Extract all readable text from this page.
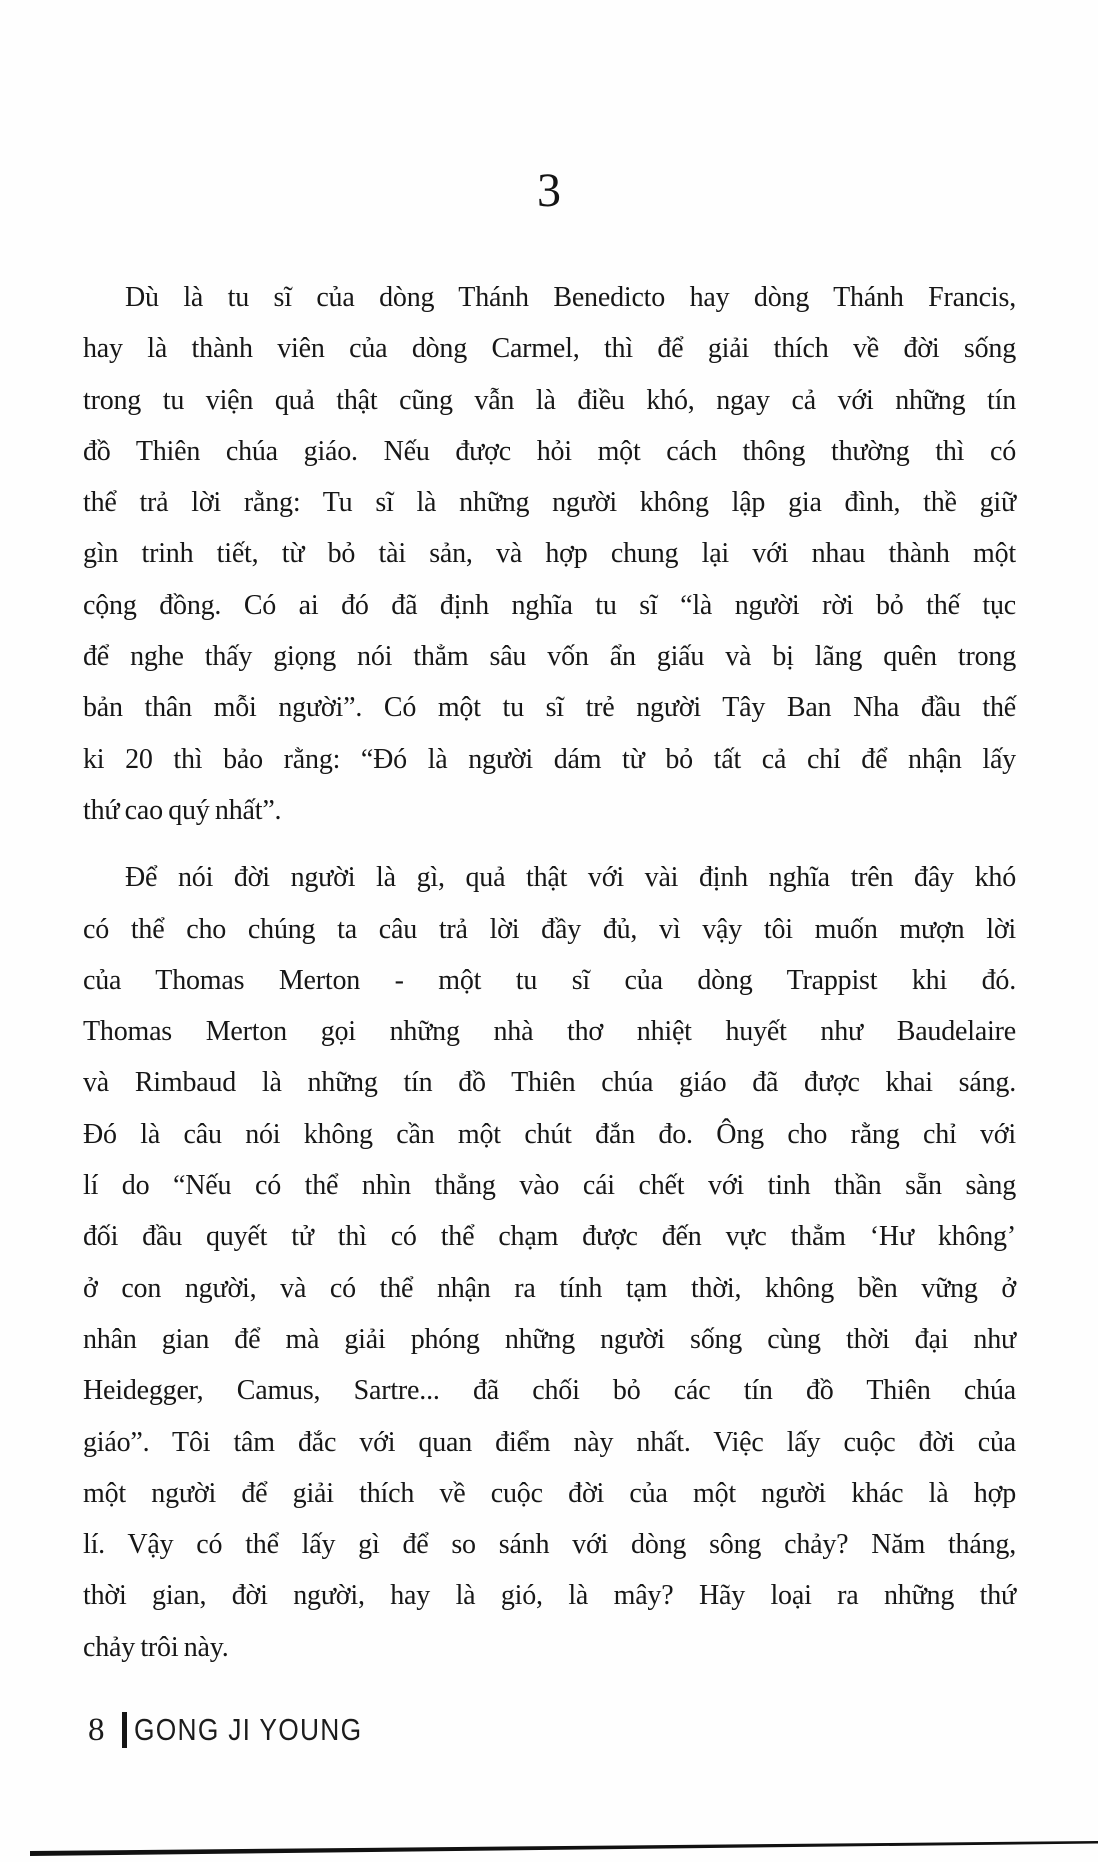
3
Dù là tu sĩ của dòng Thánh Benedicto hay dòng Thánh Francis,
hay là thành viên của dòng Carmel, thì để giải thích về đời sống
trong tu viện quả thật cũng vẫn là điều khó, ngay cả với những tín
đồ Thiên chúa giáo. Nếu được hỏi một cách thông thường thì có
thể trả lời rằng: Tu sĩ là những người không lập gia đình, thề giữ
gìn trinh tiết, từ bỏ tài sản, và hợp chung lại với nhau thành một
cộng đồng. Có ai đó đã định nghĩa tu sĩ “là người rời bỏ thế tục
để nghe thấy giọng nói thẳm sâu vốn ẩn giấu và bị lãng quên trong
bản thân mỗi người”. Có một tu sĩ trẻ người Tây Ban Nha đầu thế
ki 20 thì bảo rằng: “Đó là người dám từ bỏ tất cả chỉ để nhận lấy
thứ cao quý nhất”.
Để nói đời người là gì, quả thật với vài định nghĩa trên đây khó
có thể cho chúng ta câu trả lời đầy đủ, vì vậy tôi muốn mượn lời
của Thomas Merton - một tu sĩ của dòng Trappist khi đó.
Thomas Merton gọi những nhà thơ nhiệt huyết như Baudelaire
và Rimbaud là những tín đồ Thiên chúa giáo đã được khai sáng.
Đó là câu nói không cần một chút đắn đo. Ông cho rằng chỉ với
lí do “Nếu có thể nhìn thẳng vào cái chết với tinh thần sẵn sàng
đối đầu quyết tử thì có thể chạm được đến vực thẳm ‘Hư không’
ở con người, và có thể nhận ra tính tạm thời, không bền vững ở
nhân gian để mà giải phóng những người sống cùng thời đại như
Heidegger, Camus, Sartre... đã chối bỏ các tín đồ Thiên chúa
giáo”. Tôi tâm đắc với quan điểm này nhất. Việc lấy cuộc đời của
một người để giải thích về cuộc đời của một người khác là hợp
lí. Vậy có thể lấy gì để so sánh với dòng sông chảy? Năm tháng,
thời gian, đời người, hay là gió, là mây? Hãy loại ra những thứ
chảy trôi này.
8 GONG JI YOUNG
